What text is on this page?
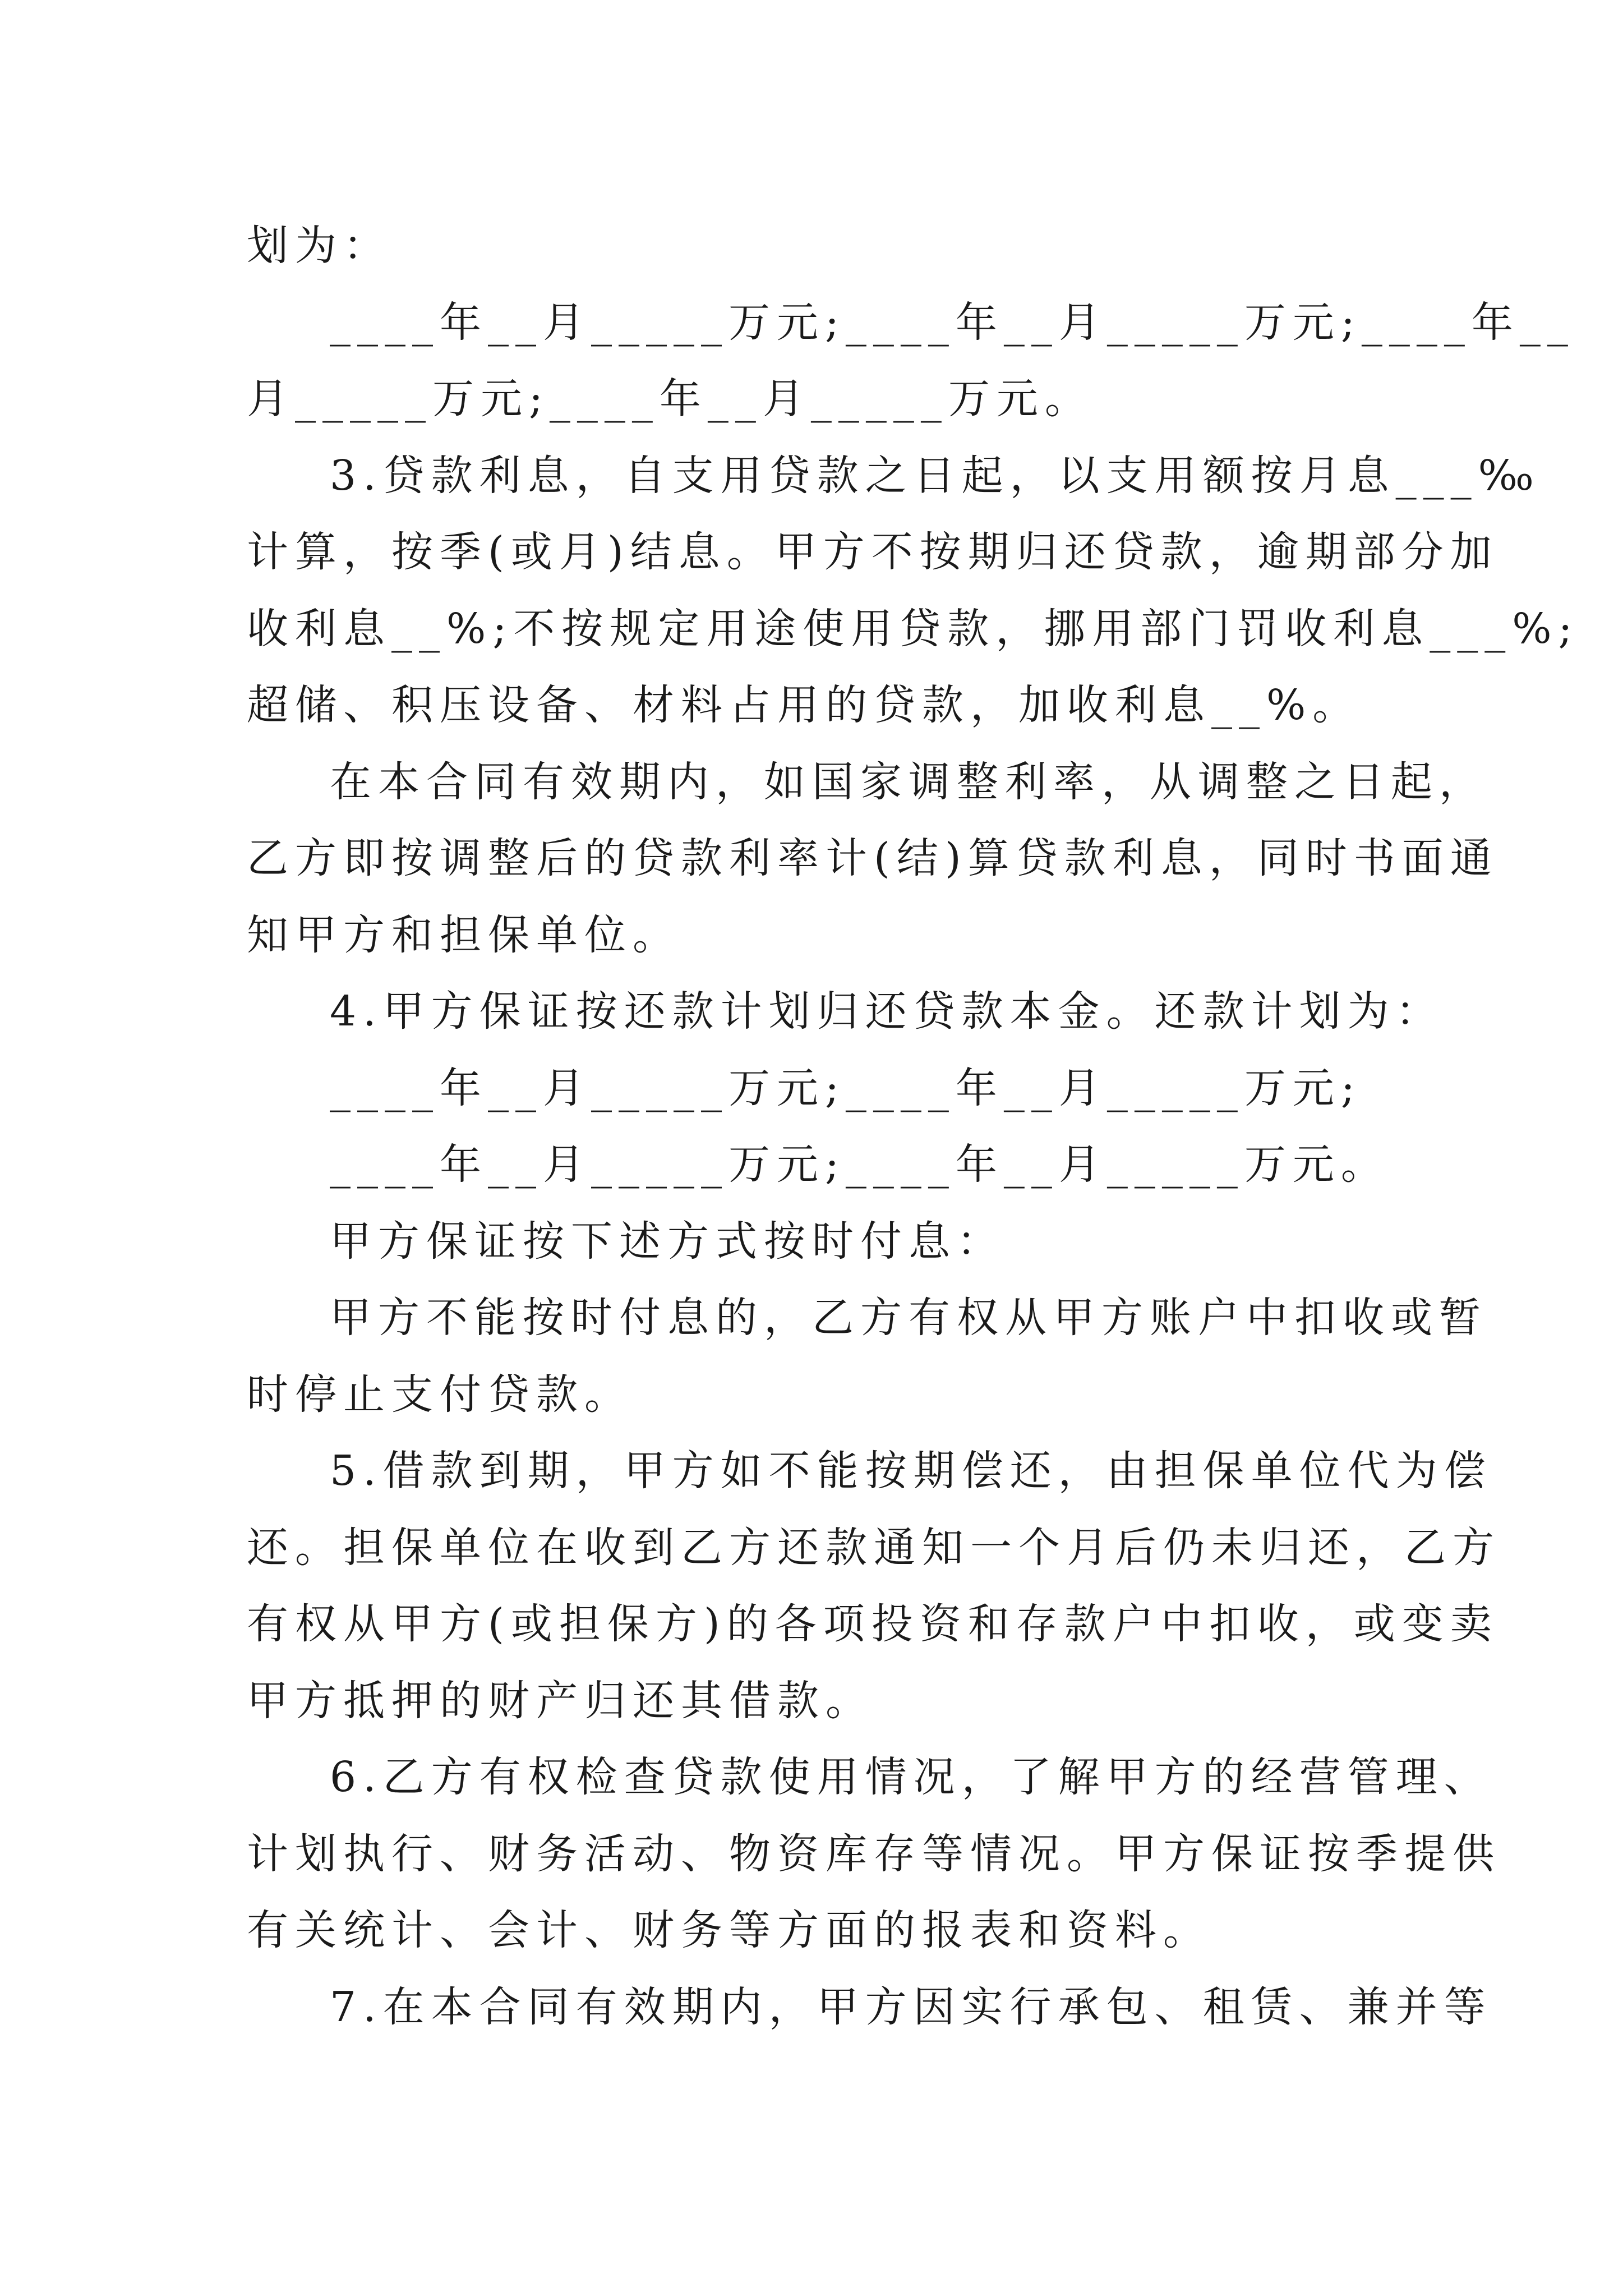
划为：
____年__月_____万元;____年__月_____万元;____年__
月_____万元;____年__月_____万元。
3.贷款利息，自支用贷款之日起，以支用额按月息___‰
计算，按季(或月)结息。甲方不按期归还贷款，逾期部分加
收利息__%;不按规定用途使用贷款，挪用部门罚收利息___%;
超储、积压设备、材料占用的贷款，加收利息__%。
在本合同有效期内，如国家调整利率，从调整之日起，
乙方即按调整后的贷款利率计(结)算贷款利息，同时书面通
知甲方和担保单位。
4.甲方保证按还款计划归还贷款本金。还款计划为：
____年__月_____万元;____年__月_____万元;
____年__月_____万元;____年__月_____万元。
甲方保证按下述方式按时付息：
甲方不能按时付息的，乙方有权从甲方账户中扣收或暂
时停止支付贷款。
5.借款到期，甲方如不能按期偿还，由担保单位代为偿
还。担保单位在收到乙方还款通知一个月后仍未归还，乙方
有权从甲方(或担保方)的各项投资和存款户中扣收，或变卖
甲方抵押的财产归还其借款。
6.乙方有权检查贷款使用情况，了解甲方的经营管理、
计划执行、财务活动、物资库存等情况。甲方保证按季提供
有关统计、会计、财务等方面的报表和资料。
7.在本合同有效期内，甲方因实行承包、租赁、兼并等
